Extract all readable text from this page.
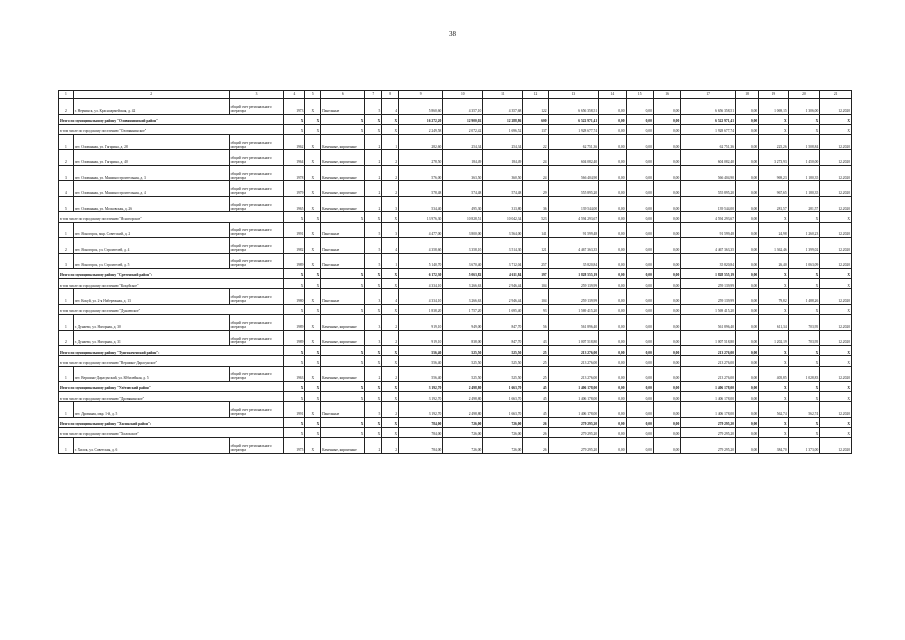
38
1	2	3	4	5	6	7	8	9	10	11	12	13	14	15	16	17	18	19	20	21
2	г. Нерчинск, ул. Красноармейская, д. 42	общий счет регионального оператора	1973	X	Панельные	5	4	5 860,60	4 357,10	4 357,68	122	6 656 358,51	0,00	0,00	0,00	6 656 358,51	0,00	1 069,15	1 306,00	12.2020
Итого по муниципальному району "Оловяннинский район"			X	X	X	X	X	16 272,20	12 900,02	12 288,86	600	6 522 971,41	0,00	0,00	0,00	6 522 971,41	0,00	X	X	X
в том числе по городскому поселению "Оловяннинское"			X	X	X	X	X	2 249,58	2 072,42	1 696,52	137	1 928 677,74	0,00	0,00	0,00	1 928 677,74	0,00	X	X	X
1	пгт. Оловянная, ул. Гагарина, д. 28	общий счет регионального оператора	1962	X	Каменные, кирпичные	2	1	282,60	254,34	254,34	22	62 751,36	0,00	0,00	0,00	62 751,36	0,00	225,26	1 508,84	12.2020
2	пгт. Оловянная, ул. Гагарина, д. 40	общий счет регионального оператора	1964	X	Каменные, кирпичные	2	2	278,50	184,49	184,49	24	604 082,40	0,00	0,00	0,00	604 082,40	0,00	3 273,93	1 450,00	12.2020
3	пгт. Оловянная, ул. Машиностроительная, д. 3	общий счет регионального оператора	1978	X	Каменные, кирпичные	2	2	576,00	363,50	360,50	24	566 404,90	0,00	0,00	0,00	566 404,90	0,00	969,23	1 180,35	12.2020
4	пгт. Оловянная, ул. Машиностроительная, д. 4	общий счет регионального оператора	1979	X	Каменные, кирпичные	2	2	578,48	574,48	574,48	29	555 895,20	0,00	0,00	0,00	555 895,20	0,00	967,65	1 180,35	12.2020
5	пгт. Оловянная, ул. Московская, д. 26	общий счет регионального оператора	1965	X	Каменные, кирпичные	2	3	534,40	495,30	313,80	36	139 544,00	0,00	0,00	0,00	139 544,00	0,00	281,57	281,57	12.2020
в том числе по городскому поселению "Ясногорское"			X	X	X	X	X	13 976,30	10 828,51	10 042,34	523	4 594 293,67	0,00	0,00	0,00	4 594 293,67	0,00	X	X	X
1	пгт. Ясногорск, мкр. Советский, д. 2	общий счет регионального оператора	1991	X	Панельные	5	3	4 477,00	3 800,00	3 564,00	141	91 599,48	0,00	0,00	0,00	91 599,48	0,00	24,98	1 260,23	12.2020
2	пгт. Ясногорск, ул. Строителей, д. 4	общий счет регионального оператора	1982	X	Панельные	5	4	4 358,60	3 358,10	3 514,30	121	4 467 363,35	0,00	0,00	0,00	4 467 363,35	0,00	1 362,46	1 399,02	12.2020
3	пгт. Ясногорск, ул. Строителей, д. 5	общий счет регионального оператора	1989	X	Панельные	5	1	5 140,70	3 670,40	3 712,04	257	35 820,84	0,00	0,00	0,00	35 820,84	0,00	26,40	1 063,09	12.2020
Итого по муниципальному району "Сретенский район":			X	X	X	X	X	6 172,30	5 063,82	4 611,84	197	1 828 555,19	0,00	0,00	0,00	1 828 555,19	0,00	X	X	X
в том числе по городскому поселению "Кокуйское"			X	X	X	X	X	4 334,10	3 266,63	2 946,44	104	259 139,99	0,00	0,00	0,00	259 139,99	0,00	X	X	X
1	пгт. Кокуй, ул. 2-я Набережная, д. 13	общий счет регионального оператора	1980	X	Панельные	3	4	4 334,10	3 266,63	2 946,44	104	259 139,99	0,00	0,00	0,00	259 139,99	0,00	79,82	1 488,26	12.2020
в том числе по городскому поселению "Дунаевское"			X	X	X	X	X	1 838,20	1 757,20	1 695,40	93	1 569 415,20	0,00	0,00	0,00	1 569 415,20	0,00	X	X	X
1	г. Дунаево, ул. Нагорная, д. 30	общий счет регионального оператора	1989	X	Каменные, кирпичные	3	2	919,10	949,00	847,70	56	561 896,40	0,00	0,00	0,00	561 896,40	0,00	611,34	703,95	12.2020
2	г. Дунаево, ул. Нагорная, д. 31	общий счет регионального оператора	1989	X	Каменные, кирпичные	3	2	919,10	838,00	847,70	43	1 007 518,80	0,00	0,00	0,00	1 007 518,80	0,00	1 202,19	703,95	12.2020
Итого по муниципальному району "Тунгокоченский район":			X	X	X	X	X	556,40	525,50	525,50	25	213 276,00	0,00	0,00	0,00	213 276,00	0,00	X	X	X
в том числе по городскому поселению "Вершино-Дарасунское"			X	X	X	X	X	556,40	525,50	525,50	25	213 276,00	0,00	0,00	0,00	213 276,00	0,00	X	X	X
1	пгт. Вершино-Дарасунский, ул. Юбилейная, д. 5	общий счет регионального оператора	1963	X	Каменные, кирпичные	2	2	556,40	525,50	525,50	25	213 276,00	0,00	0,00	0,00	213 276,00	0,00	405,85	1 028,83	12.2020
Итого по муниципальному району "Улётовский район"			X	X	X	X	X	3 192,70	2 498,80	1 663,70	45	1 406 178,00	0,00	0,00	0,00	1 406 178,00	0,00	X	X	X
в том числе по городскому поселению "Дровянинское"			X	X	X	X	X	3 192,70	2 498,80	1 663,70	45	1 406 178,00	0,00	0,00	0,00	1 406 178,00	0,00	X	X	X
1	пгт. Дровяная, мкр. 1-й, д. 5	общий счет регионального оператора	1991	X	Панельные	5	2	3 192,70	2 498,80	1 663,70	45	1 406 178,00	0,00	0,00	0,00	1 406 178,00	0,00	562,74	562,74	12.2020
Итого по муниципальному району "Хилокский район":			X	X	X	X	X	784,00	726,00	726,00	26	279 295,20	0,00	0,00	0,00	279 295,20	0,00	X	X	X
в том числе по городскому поселению "Хилокское"			X	X	X	X	X	784,00	726,00	726,00	26	279 295,20	0,00	0,00	0,00	279 295,20	0,00	X	X	X
1	г. Хилок, ул. Советская, д. 6	общий счет регионального оператора	1975	X	Каменные, кирпичные	2	2	784,00	726,00	726,00	26	279 295,20	0,00	0,00	0,00	279 295,20	0,00	384,70	1 373,00	12.2020
